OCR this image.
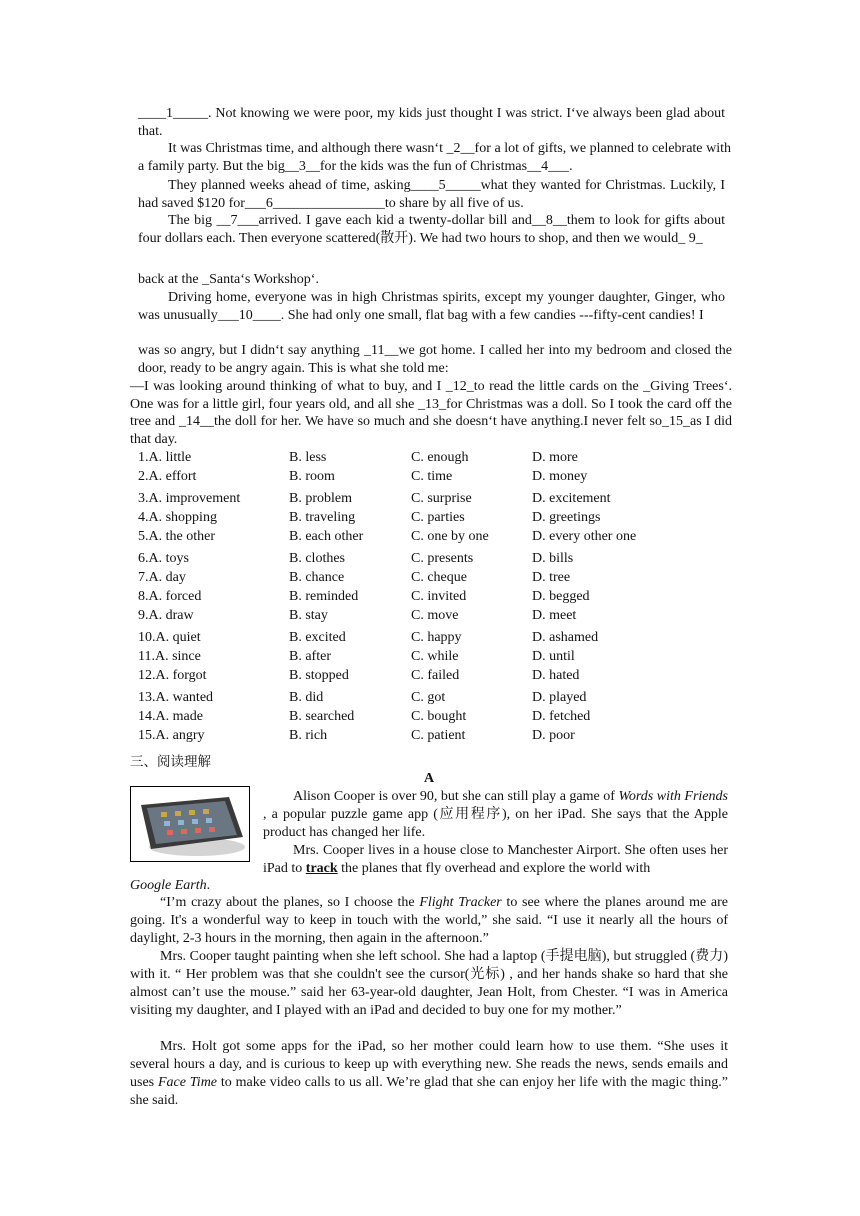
____1_____. Not knowing we were poor, my kids just thought I was strict. I‘ve always been glad about that.

It was Christmas time, and although there wasn‘t _2__for a lot of gifts, we planned to celebrate with a family party. But the big__3__for the kids was the fun of Christmas__4___.

They planned weeks ahead of time, asking____5_____what they wanted for Christmas. Luckily, I had saved $120 for___6________________to share by all five of us.

The big __7___arrived. I gave each kid a twenty-dollar bill and__8__them to look for gifts about four dollars each. Then everyone scattered(散开). We had two hours to shop, and then we would_ 9_

back at the _Santa‘s Workshop‘.

Driving home, everyone was in high Christmas spirits, except my younger daughter, Ginger, who was unusually___10____. She had only one small, flat bag with a few candies ---fifty-cent candies! I

was so angry, but I didn‘t say anything _11__we got home. I called her into my bedroom and closed the door, ready to be angry again. This is what she told me:

―I was looking around thinking of what to buy, and I _12_to read the little cards on the _Giving Trees‘. One was for a little girl, four years old, and all she _13_for Christmas was a doll. So I took the card off the tree and _14__the doll for her. We have so much and she doesn‘t have anything.I never felt so_15_as I did that day.

1.A. little	B. less	C. enough	D. more
2.A. effort	B. room	C. time	D. money
3.A. improvement	B. problem	C. surprise	D. excitement
4.A. shopping	B. traveling	C. parties	D. greetings
5.A. the other	B. each other	C. one by one	D. every other one
6.A. toys	B. clothes	C. presents	D. bills
7.A. day	B. chance	C. cheque	D. tree
8.A. forced	B. reminded	C. invited	D. begged
9.A. draw	B. stay	C. move	D. meet
10.A. quiet	B. excited	C. happy	D. ashamed
11.A. since	B. after	C. while	D. until
12.A. forgot	B. stopped	C. failed	D. hated
13.A. wanted	B. did	C. got	D. played
14.A. made	B. searched	C. bought	D. fetched
15.A. angry	B. rich	C. patient	D. poor
三、阅读理解
A

Alison Cooper is over 90, but she can still play a game of Words with Friends , a popular puzzle game app (应用程序), on her iPad. She says that the Apple product has changed her life.

Mrs. Cooper lives in a house close to Manchester Airport. She often uses her iPad to track the planes that fly overhead and explore the world with

Google Earth.

“I’m crazy about the planes, so I choose the Flight Tracker to see where the planes around me are going. It's a wonderful way to keep in touch with the world,” she said. “I use it nearly all the hours of daylight, 2-3 hours in the morning, then again in the afternoon.”

Mrs. Cooper taught painting when she left school. She had a laptop (手提电脑), but struggled (费力) with it. “ Her problem was that she couldn't see the cursor(光标) , and her hands shake so hard that she almost can’t use the mouse.” said her 63-year-old daughter, Jean Holt, from Chester. “I was in America visiting my daughter, and I played with an iPad and decided to buy one for my mother.”

Mrs. Holt got some apps for the iPad, so her mother could learn how to use them. “She uses it several hours a day, and is curious to keep up with everything new. She reads the news, sends emails and uses Face Time to make video calls to us all. We’re glad that she can enjoy her life with the magic thing.” she said.
